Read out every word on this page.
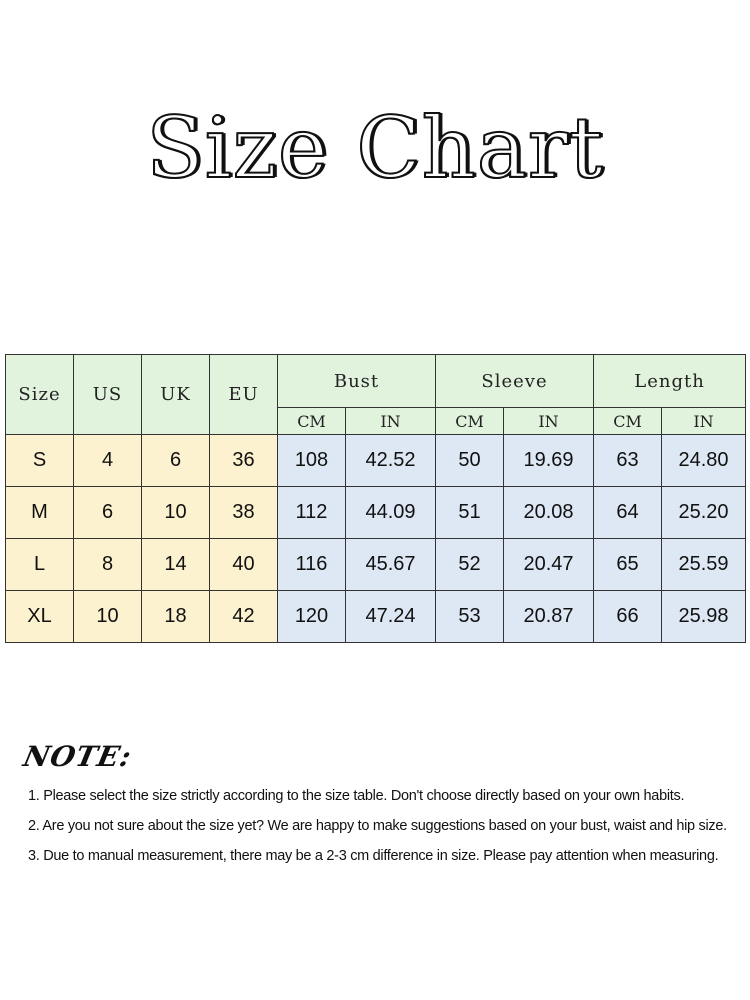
Size Chart
Size	US	UK	EU	Bust		Sleeve		Length	
				CM	IN	CM	IN	CM	IN
S	4	6	36	108	42.52	50	19.69	63	24.80
M	6	10	38	112	44.09	51	20.08	64	25.20
L	8	14	40	116	45.67	52	20.47	65	25.59
XL	10	18	42	120	47.24	53	20.87	66	25.98
NOTE:
1. Please select the size strictly according to the size table. Don't choose directly based on your own habits.
2. Are you not sure about the size yet? We are happy to make suggestions based on your bust, waist and hip size.
3. Due to manual measurement, there may be a 2-3 cm difference in size. Please pay attention when measuring.
